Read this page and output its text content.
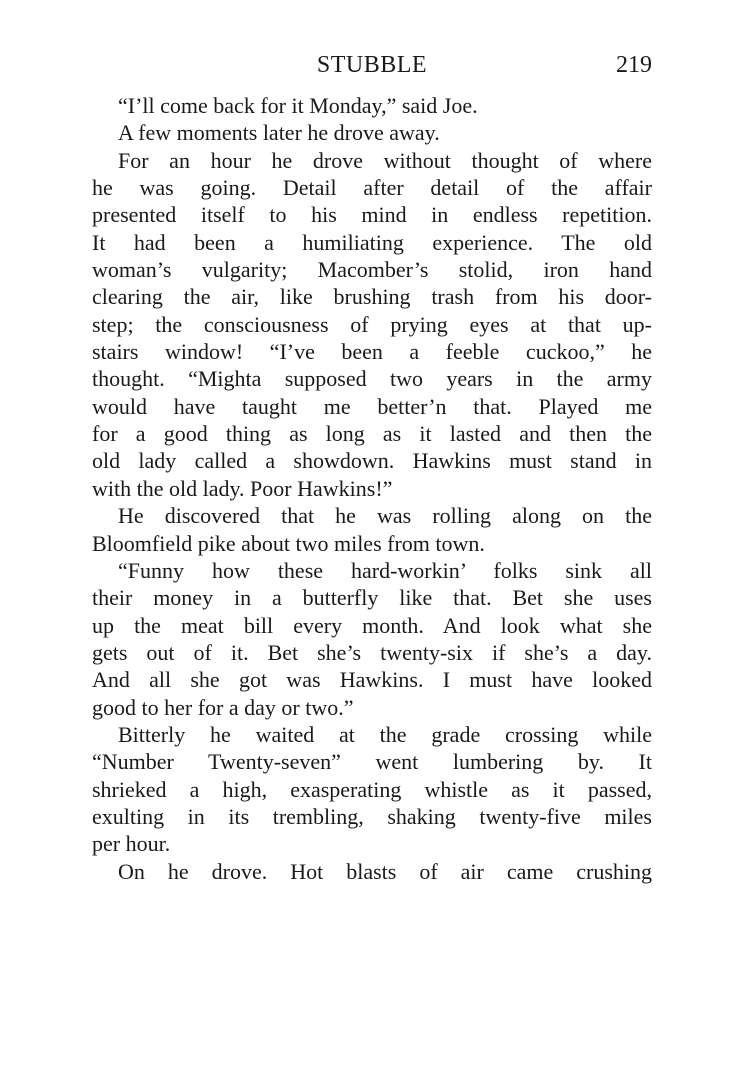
STUBBLE	219
“I’ll come back for it Monday,” said Joe.
A few moments later he drove away.
For an hour he drove without thought of where
he was going. Detail after detail of the affair
presented itself to his mind in endless repetition.
It had been a humiliating experience. The old
woman’s vulgarity; Macomber’s stolid, iron hand
clearing the air, like brushing trash from his door-
step; the consciousness of prying eyes at that up-
stairs window! “I’ve been a feeble cuckoo,” he
thought. “Mighta supposed two years in the army
would have taught me better’n that. Played me
for a good thing as long as it lasted and then the
old lady called a showdown. Hawkins must stand in
with the old lady. Poor Hawkins!”
He discovered that he was rolling along on the
Bloomfield pike about two miles from town.
“Funny how these hard-workin’ folks sink all
their money in a butterfly like that. Bet she uses
up the meat bill every month. And look what she
gets out of it. Bet she’s twenty-six if she’s a day.
And all she got was Hawkins. I must have looked
good to her for a day or two.”
Bitterly he waited at the grade crossing while
“Number Twenty-seven” went lumbering by. It
shrieked a high, exasperating whistle as it passed,
exulting in its trembling, shaking twenty-five miles
per hour.
On he drove. Hot blasts of air came crushing
